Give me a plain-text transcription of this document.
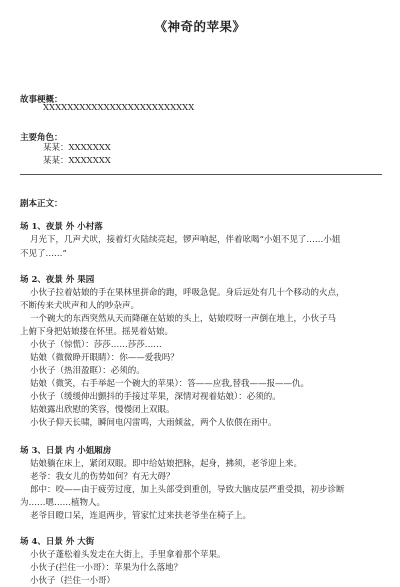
《神奇的苹果》
故事梗概：
XXXXXXXXXXXXXXXXXXXXXXXXX
主要角色：
某某：XXXXXXX
某某：XXXXXXX
剧本正文：
场 1、夜景 外 小村落
月光下，几声犬吠，接着灯火陆续亮起，锣声响起，伴着吆喝“小姐不见了……小姐
不见了……”
场 2、夜景 外 果园
小伙子拉着姑娘的手在果林里拼命的跑，呼吸急促。身后远处有几十个移动的火点，
不断传来犬吠声和人的吵杂声。
一个碗大的东西突然从天而降砸在姑娘的头上，姑娘哎呀一声倒在地上，小伙子马
上俯下身把姑娘搂在怀里。摇晃着姑娘。
小伙子（惊慌）：莎莎……莎莎……
姑娘（微微睁开眼睛）：你——爱我吗？
小伙子（热泪盈眶）：必须的。
姑娘（微笑，右手举起一个碗大的苹果）：答——应我,替我——报——仇。
小伙子（缓缓伸出颤抖的手接过苹果，深情对视着姑娘）：必须的。
姑娘露出欣慰的笑容，慢慢闭上双眼。
小伙子仰天长啸，瞬间电闪雷鸣，大雨倾盆，两个人依偎在雨中。
场 3、日景 内 小姐厢房
姑娘躺在床上，紧闭双眼。即中给姑娘把脉，起身，拂须，老爷迎上来。
老爷：我女儿的伤势如何？有无大碍？
郎中：咬——由于疲劳过度，加上头部受到重创，导致大脑皮层严重受损，初步诊断
为……嗯……植物人。
老爷目瞪口呆，连退两步，管家忙过来扶老爷坐在椅子上。
场 4、日景 外 大街
小伙子蓬松着头发走在大街上，手里拿着那个苹果。
小伙子(拦住一小哥）：苹果为什么落地？
小伙子（拦住一小哥）
